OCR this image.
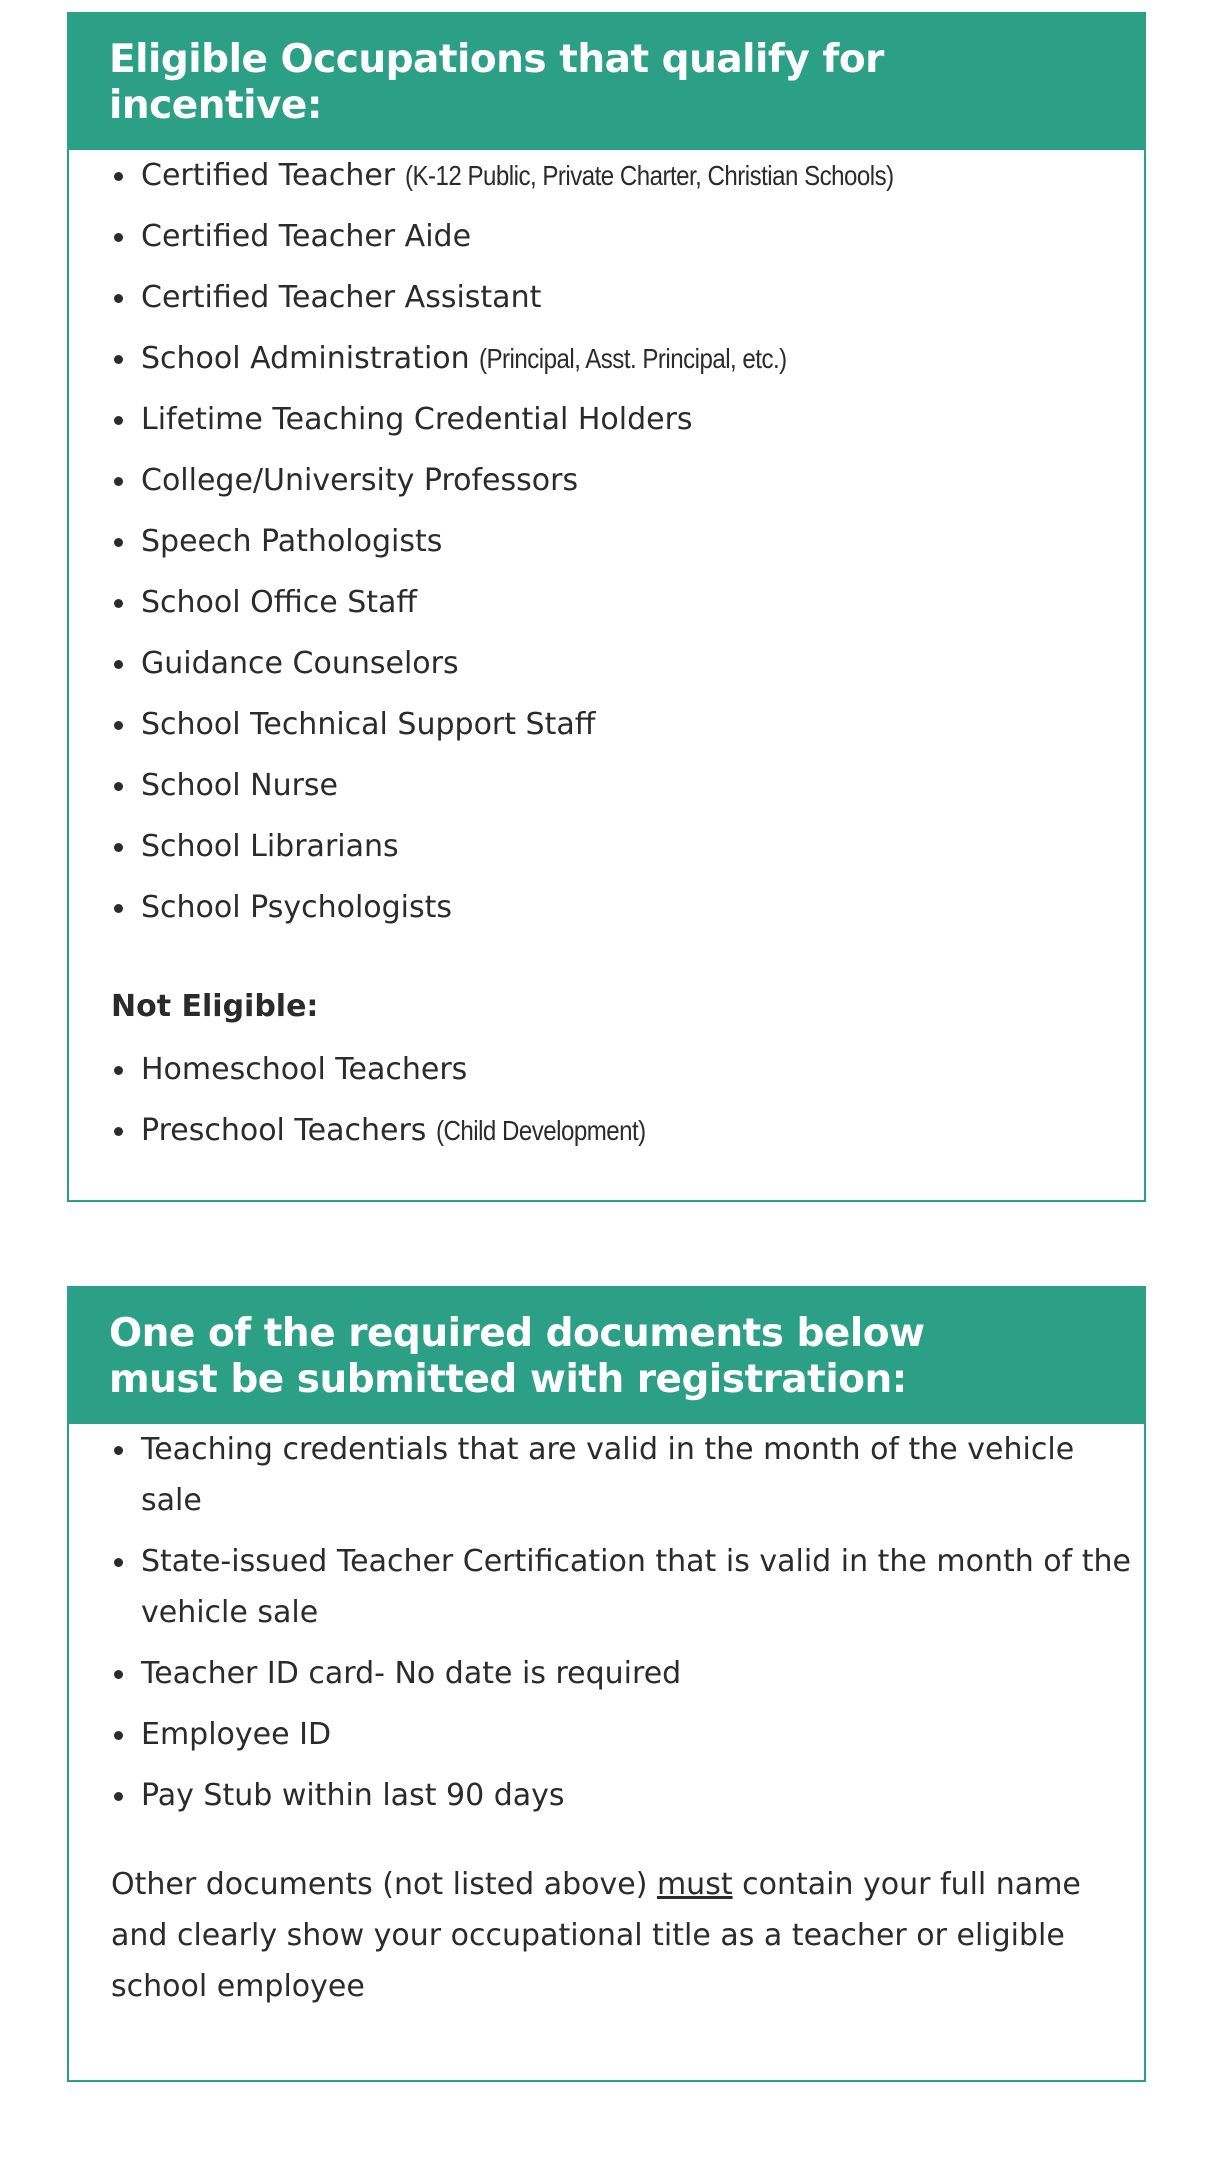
Eligible Occupations that qualify for
incentive:
Certified Teacher (K-12 Public, Private Charter, Christian Schools)
Certified Teacher Aide
Certified Teacher Assistant
School Administration (Principal, Asst. Principal, etc.)
Lifetime Teaching Credential Holders
College/University Professors
Speech Pathologists
School Office Staff
Guidance Counselors
School Technical Support Staff
School Nurse
School Librarians
School Psychologists
Not Eligible:
Homeschool Teachers
Preschool Teachers (Child Development)
One of the required documents below
must be submitted with registration:
Teaching credentials that are valid in the month of the vehicle sale
State-issued Teacher Certification that is valid in the month of the vehicle sale
Teacher ID card- No date is required
Employee ID
Pay Stub within last 90 days

Other documents (not listed above) must contain your full name and clearly show your occupational title as a teacher or eligible school employee
